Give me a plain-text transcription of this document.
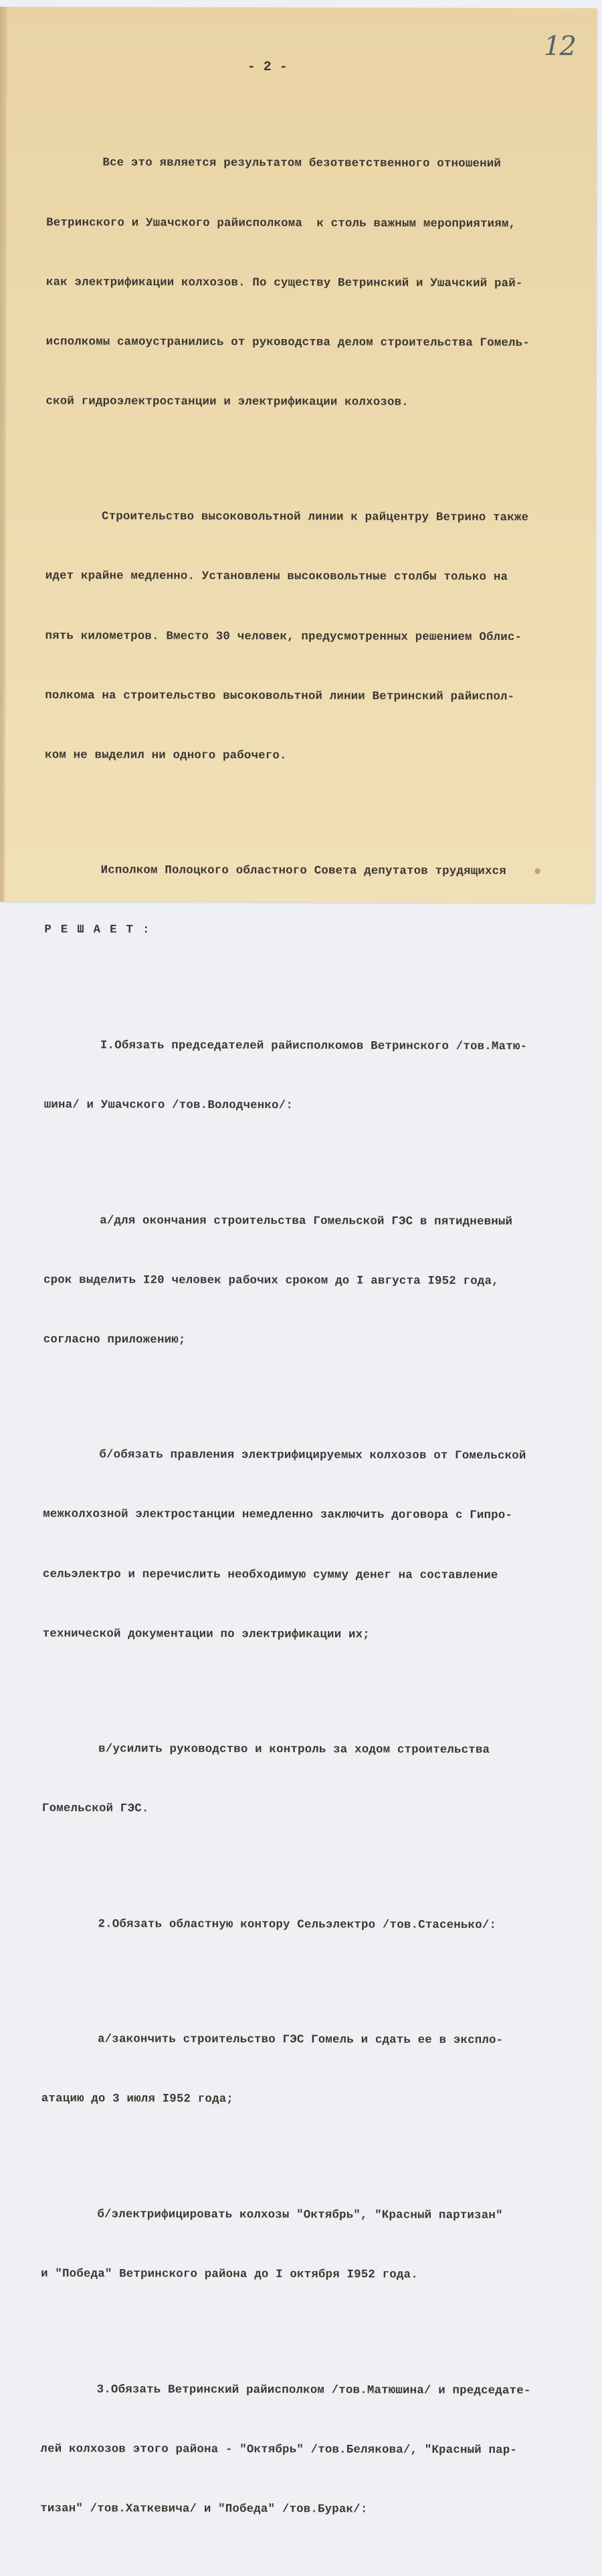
12
- 2 -

Все это является результатом безответственного отношений

Ветринского и Ушачского райисполкома  к столь важным мероприятиям,

как электрификации колхозов. По существу Ветринский и Ушачский рай-

исполкомы самоустранились от руководства делом строительства Гомель-

ской гидроэлектростанции и электрификации колхозов.

Строительство высоковольтной линии к райцентру Ветрино также

идет крайне медленно. Установлены высоковольтные столбы только на

пять километров. Вместо 30 человек, предусмотренных решением Облис-

полкома на строительство высоковольтной линии Ветринский райиспол-

ком не выделил ни одного рабочего.

Исполком Полоцкого областного Совета депутатов трудящихся

РЕШАЕТ:

I.Обязать председателей райисполкомов Ветринского /тов.Матю-

шина/ и Ушачского /тов.Володченко/:

а/для окончания строительства Гомельской ГЭС в пятидневный

срок выделить I20 человек рабочих сроком до I августа I952 года,

согласно приложению;

б/обязать правления электрифицируемых колхозов от Гомельской

межколхозной электростанции немедленно заключить договора с Гипро-

сельэлектро и перечислить необходимую сумму денег на составление

технической документации по электрификации их;

в/усилить руководство и контроль за ходом строительства

Гомельской ГЭС.

2.Обязать областную контору Сельэлектро /тов.Стасенько/:

а/закончить строительство ГЭС Гомель и сдать ее в эксплo-

атацию до 3 июля I952 года;

б/электрифицировать колхозы "Октябрь", "Красный партизан"

и "Победа" Ветринского района до I октября I952 года.

3.Обязать Ветринский райисполком /тов.Матюшина/ и председате-

лей колхозов этого района - "Октябрь" /тов.Белякова/, "Красный пар-

тизан" /тов.Хаткевича/ и "Победа" /тов.Бурак/:
